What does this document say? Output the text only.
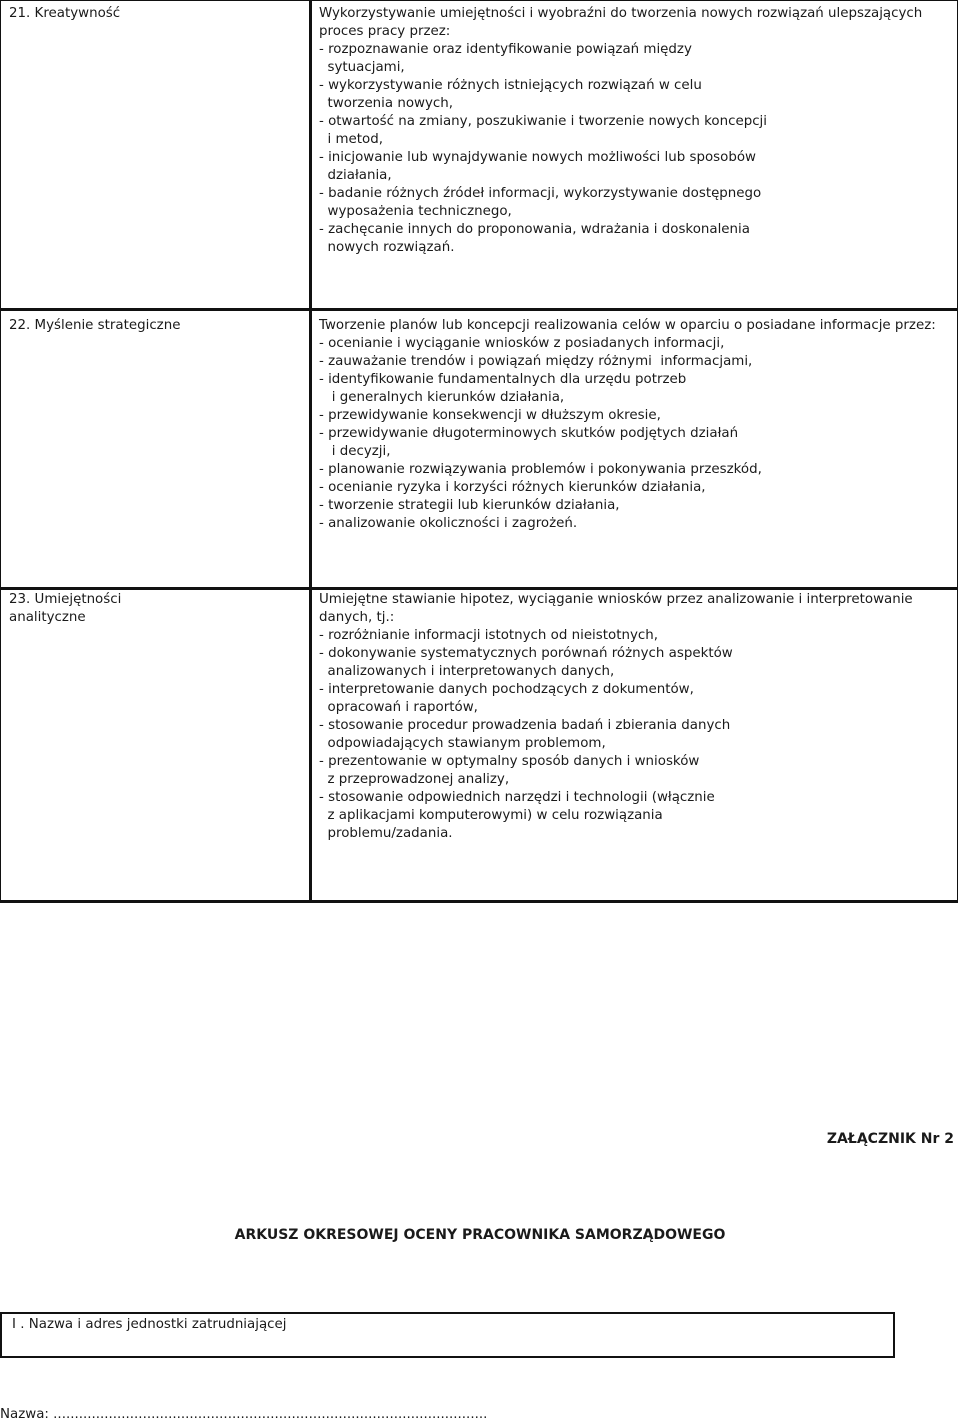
21. Kreatywność	Wykorzystywanie umiejętności i wyobraźni do tworzenia nowych rozwiązań ulepszających
proces pracy przez:
- rozpoznawanie oraz identyfikowanie powiązań między
sytuacjami,
- wykorzystywanie różnych istniejących rozwiązań w celu
tworzenia nowych,
- otwartość na zmiany, poszukiwanie i tworzenie nowych koncepcji
i metod,
- inicjowanie lub wynajdywanie nowych możliwości lub sposobów
działania,
- badanie różnych źródeł informacji, wykorzystywanie dostępnego
wyposażenia technicznego,
- zachęcanie innych do proponowania, wdrażania i doskonalenia
nowych rozwiązań.
22. Myślenie strategiczne	Tworzenie planów lub koncepcji realizowania celów w oparciu o posiadane informacje przez:
- ocenianie i wyciąganie wniosków z posiadanych informacji,
- zauważanie trendów i powiązań między różnymi  informacjami,
- identyfikowanie fundamentalnych dla urzędu potrzeb
i generalnych kierunków działania,
- przewidywanie konsekwencji w dłuższym okresie,
- przewidywanie długoterminowych skutków podjętych działań
i decyzji,
- planowanie rozwiązywania problemów i pokonywania przeszkód,
- ocenianie ryzyka i korzyści różnych kierunków działania,
- tworzenie strategii lub kierunków działania,
- analizowanie okoliczności i zagrożeń.
23. Umiejętności
analityczne
Umiejętne stawianie hipotez, wyciąganie wniosków przez analizowanie i interpretowanie
danych, tj.:
- rozróżnianie informacji istotnych od nieistotnych,
- dokonywanie systematycznych porównań różnych aspektów
analizowanych i interpretowanych danych,
- interpretowanie danych pochodzących z dokumentów,
opracowań i raportów,
- stosowanie procedur prowadzenia badań i zbierania danych
odpowiadających stawianym problemom,
- prezentowanie w optymalny sposób danych i wniosków
z przeprowadzonej analizy,
- stosowanie odpowiednich narzędzi i technologii (włącznie
z aplikacjami komputerowymi) w celu rozwiązania
problemu/zadania.
ZAŁĄCZNIK Nr 2
ARKUSZ OKRESOWEJ OCENY PRACOWNIKA SAMORZĄDOWEGO
I . Nazwa i adres jednostki zatrudniającej
Nazwa: ......................................................................................................
